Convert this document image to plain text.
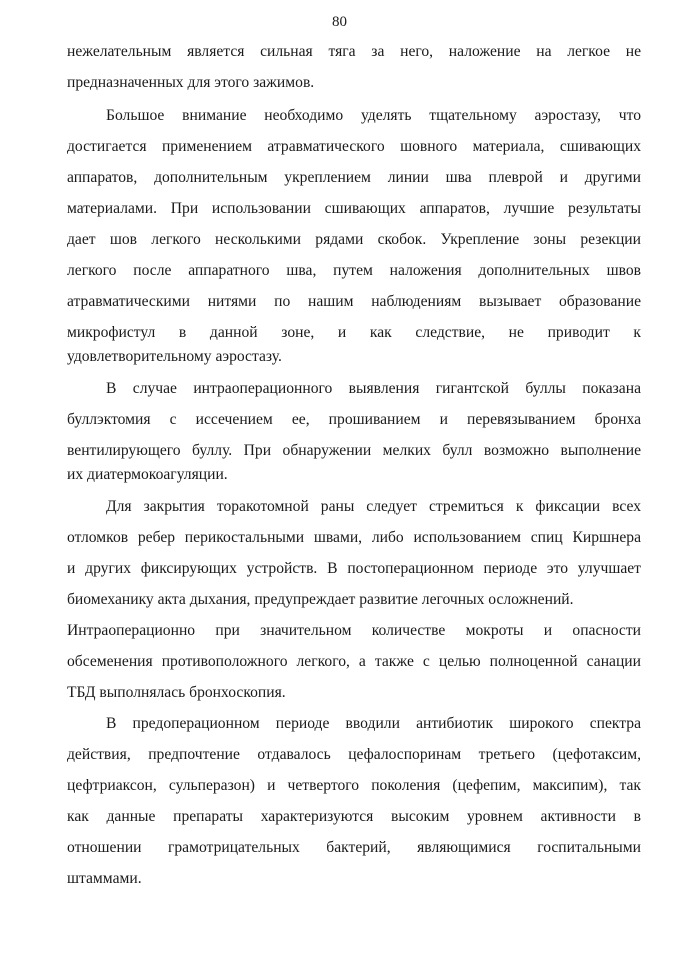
80
нежелательным является сильная тяга за него, наложение на легкое не
предназначенных для этого зажимов.
Большое внимание необходимо уделять тщательному аэростазу, что
достигается применением атравматического шовного материала, сшивающих
аппаратов, дополнительным укреплением линии шва плеврой и другими
материалами. При использовании сшивающих аппаратов, лучшие результаты
дает шов легкого несколькими рядами скобок. Укрепление зоны резекции
легкого после аппаратного шва, путем наложения дополнительных швов
атравматическими нитями по нашим наблюдениям вызывает образование
микрофистул в данной зоне, и как следствие, не приводит к
удовлетворительному аэростазу.
В случае интраоперационного выявления гигантской буллы показана
буллэктомия с иссечением ее, прошиванием и перевязыванием бронха
вентилирующего буллу. При обнаружении мелких булл возможно выполнение
их диатермокоагуляции.
Для закрытия торакотомной раны следует стремиться к фиксации всех
отломков ребер перикостальными швами, либо использованием спиц Киршнера
и других фиксирующих устройств. В постоперационном периоде это улучшает
биомеханику акта дыхания, предупреждает развитие легочных осложнений.
Интраоперационно при значительном количестве мокроты и опасности
обсеменения противоположного легкого, а также с целью полноценной санации
ТБД выполнялась бронхоскопия.
В предоперационном периоде вводили антибиотик широкого спектра
действия, предпочтение отдавалось цефалоспоринам третьего (цефотаксим,
цефтриаксон, сульперазон) и четвертого поколения (цефепим, максипим), так
как данные препараты характеризуются высоким уровнем активности в
отношении грамотрицательных бактерий, являющимися госпитальными
штаммами.
